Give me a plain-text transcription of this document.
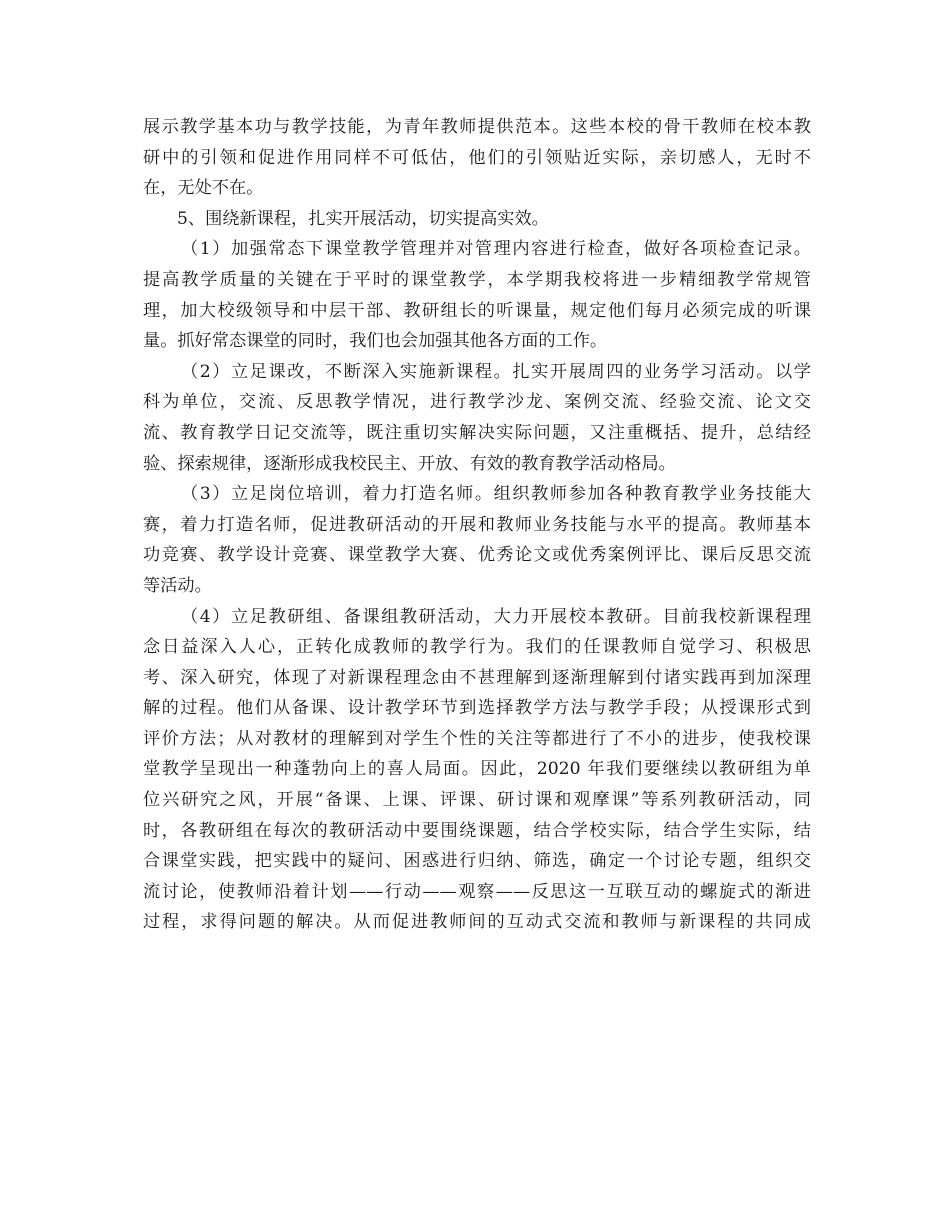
展示教学基本功与教学技能，为青年教师提供范本。这些本校的骨干教师在校本教
研中的引领和促进作用同样不可低估，他们的引领贴近实际，亲切感人，无时不
在，无处不在。
5、围绕新课程，扎实开展活动，切实提高实效。
（1）加强常态下课堂教学管理并对管理内容进行检查，做好各项检查记录。
提高教学质量的关键在于平时的课堂教学，本学期我校将进一步精细教学常规管
理，加大校级领导和中层干部、教研组长的听课量，规定他们每月必须完成的听课
量。抓好常态课堂的同时，我们也会加强其他各方面的工作。
（2）立足课改，不断深入实施新课程。扎实开展周四的业务学习活动。以学
科为单位，交流、反思教学情况，进行教学沙龙、案例交流、经验交流、论文交
流、教育教学日记交流等，既注重切实解决实际问题，又注重概括、提升，总结经
验、探索规律，逐渐形成我校民主、开放、有效的教育教学活动格局。
（3）立足岗位培训，着力打造名师。组织教师参加各种教育教学业务技能大
赛，着力打造名师，促进教研活动的开展和教师业务技能与水平的提高。教师基本
功竞赛、教学设计竞赛、课堂教学大赛、优秀论文或优秀案例评比、课后反思交流
等活动。
（4）立足教研组、备课组教研活动，大力开展校本教研。目前我校新课程理
念日益深入人心，正转化成教师的教学行为。我们的任课教师自觉学习、积极思
考、深入研究，体现了对新课程理念由不甚理解到逐渐理解到付诸实践再到加深理
解的过程。他们从备课、设计教学环节到选择教学方法与教学手段；从授课形式到
评价方法；从对教材的理解到对学生个性的关注等都进行了不小的进步，使我校课
堂教学呈现出一种蓬勃向上的喜人局面。因此，2020 年我们要继续以教研组为单
位兴研究之风，开展“备课、上课、评课、研讨课和观摩课”等系列教研活动，同
时，各教研组在每次的教研活动中要围绕课题，结合学校实际，结合学生实际，结
合课堂实践，把实践中的疑问、困惑进行归纳、筛选，确定一个讨论专题，组织交
流讨论，使教师沿着计划——行动——观察——反思这一互联互动的螺旋式的渐进
过程，求得问题的解决。从而促进教师间的互动式交流和教师与新课程的共同成
